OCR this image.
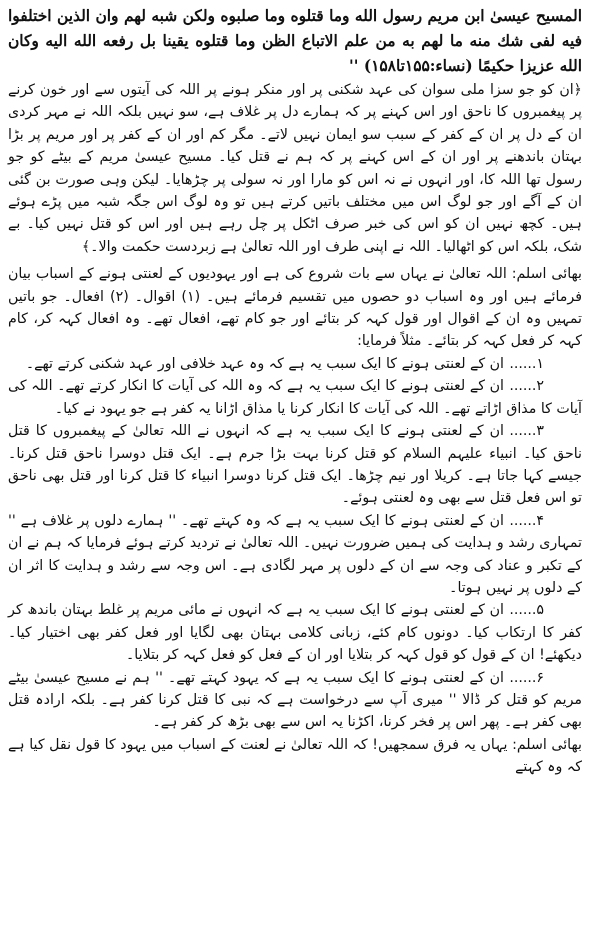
المسيح عيسىٰ ابن مريم رسول الله وما قتلوه وما صلبوه ولكن شبه لهم وان الذين اختلفوا فيه لفی شك منه ما لهم به من علم الاتباع الظن وما قتلوه يقينا بل رفعه الله اليه وكان الله عزيزا حكيمًا (نساء:۱۵۵تا۱۵۸) ''

﴿ان کو جو سزا ملی سوان کی عہد شکنی پر اور منکر ہونے پر اللہ کی آیتوں سے اور خون کرنے پر پیغمبروں کا ناحق اور اس کہنے پر کہ ہمارے دل پر غلاف ہے، سو نہیں بلکہ اللہ نے مہر کردی ان کے دل پر ان کے کفر کے سبب سو ایمان نہیں لاتے۔ مگر کم اور ان کے کفر پر اور مریم پر بڑا بہتان باندھنے پر اور ان کے اس کہنے پر کہ ہم نے قتل کیا۔ مسیح عیسیٰ مریم کے بیٹے کو جو رسول تھا اللہ کا، اور انہوں نے نہ اس کو مارا اور نہ سولی پر چڑھایا۔ لیکن وہی صورت بن گئی ان کے آگے اور جو لوگ اس میں مختلف باتیں کرتے ہیں تو وہ لوگ اس جگہ شبہ میں پڑے ہوئے ہیں۔ کچھ نہیں ان کو اس کی خبر صرف اٹکل پر چل رہے ہیں اور اس کو قتل نہیں کیا۔ بے شک، بلکہ اس کو اٹھالیا۔ اللہ نے اپنی طرف اور اللہ تعالیٰ ہے زبردست حکمت والا۔﴾

بھائی اسلم: اللہ تعالیٰ نے یہاں سے بات شروع کی ہے اور یہودیوں کے لعنتی ہونے کے اسباب بیان فرمائے ہیں اور وہ اسباب دو حصوں میں تقسیم فرمائے ہیں۔ (۱) اقوال۔ (۲) افعال۔ جو باتیں تمہیں وہ ان کے اقوال اور قول کہہ کر بتائے اور جو کام تھے، افعال تھے۔ وہ افعال کہہ کر، کام کہہ کر فعل کہہ کر بتائے۔ مثلاً فرمایا:

۱......ان کے لعنتی ہونے کا ایک سبب یہ ہے کہ وہ عہد خلافی اور عہد شکنی کرتے تھے۔

۲......ان کے لعنتی ہونے کا ایک سبب یہ ہے کہ وہ اللہ کی آیات کا انکار کرتے تھے۔ اللہ کی آیات کا مذاق اڑاتے تھے۔ اللہ کی آیات کا انکار کرنا یا مذاق اڑانا یہ کفر ہے جو یہود نے کیا۔

۳......ان کے لعنتی ہونے کا ایک سبب یہ ہے کہ انہوں نے اللہ تعالیٰ کے پیغمبروں کا قتل ناحق کیا۔ انبیاء علیہم السلام کو قتل کرنا بہت بڑا جرم ہے۔ ایک قتل دوسرا ناحق قتل کرنا۔ جیسے کہا جاتا ہے۔ کریلا اور نیم چڑھا۔ ایک قتل کرنا دوسرا انبیاء کا قتل کرنا اور قتل بھی ناحق تو اس فعل قتل سے بھی وہ لعنتی ہوئے۔

۴......ان کے لعنتی ہونے کا ایک سبب یہ ہے کہ وہ کہتے تھے۔ '' ہمارے دلوں پر غلاف ہے '' تمہاری رشد و ہدایت کی ہمیں ضرورت نہیں۔ اللہ تعالیٰ نے تردید کرتے ہوئے فرمایا کہ ہم نے ان کے تکبر و عناد کی وجہ سے ان کے دلوں پر مہر لگادی ہے۔ اس وجہ سے رشد و ہدایت کا اثر ان کے دلوں پر نہیں ہوتا۔

۵......ان کے لعنتی ہونے کا ایک سبب یہ ہے کہ انہوں نے مائی مریم پر غلط بہتان باندھ کر کفر کا ارتکاب کیا۔ دونوں کام کئے، زبانی کلامی بہتان بھی لگایا اور فعل کفر بھی اختیار کیا۔ دیکھئے! ان کے قول کو قول کہہ کر بتلایا اور ان کے فعل کو فعل کہہ کر بتلایا۔

۶......ان کے لعنتی ہونے کا ایک سبب یہ ہے کہ یہود کہتے تھے۔ '' ہم نے مسیح عیسیٰ بیٹے مریم کو قتل کر ڈالا '' میری آپ سے درخواست ہے کہ نبی کا قتل کرنا کفر ہے۔ بلکہ ارادہ قتل بھی کفر ہے۔ پھر اس پر فخر کرنا، اکڑنا یہ اس سے بھی بڑھ کر کفر ہے۔

بھائی اسلم: یہاں یہ فرق سمجھیں! کہ اللہ تعالیٰ نے لعنت کے اسباب میں یہود کا قول نقل کیا ہے کہ وہ کہتے
